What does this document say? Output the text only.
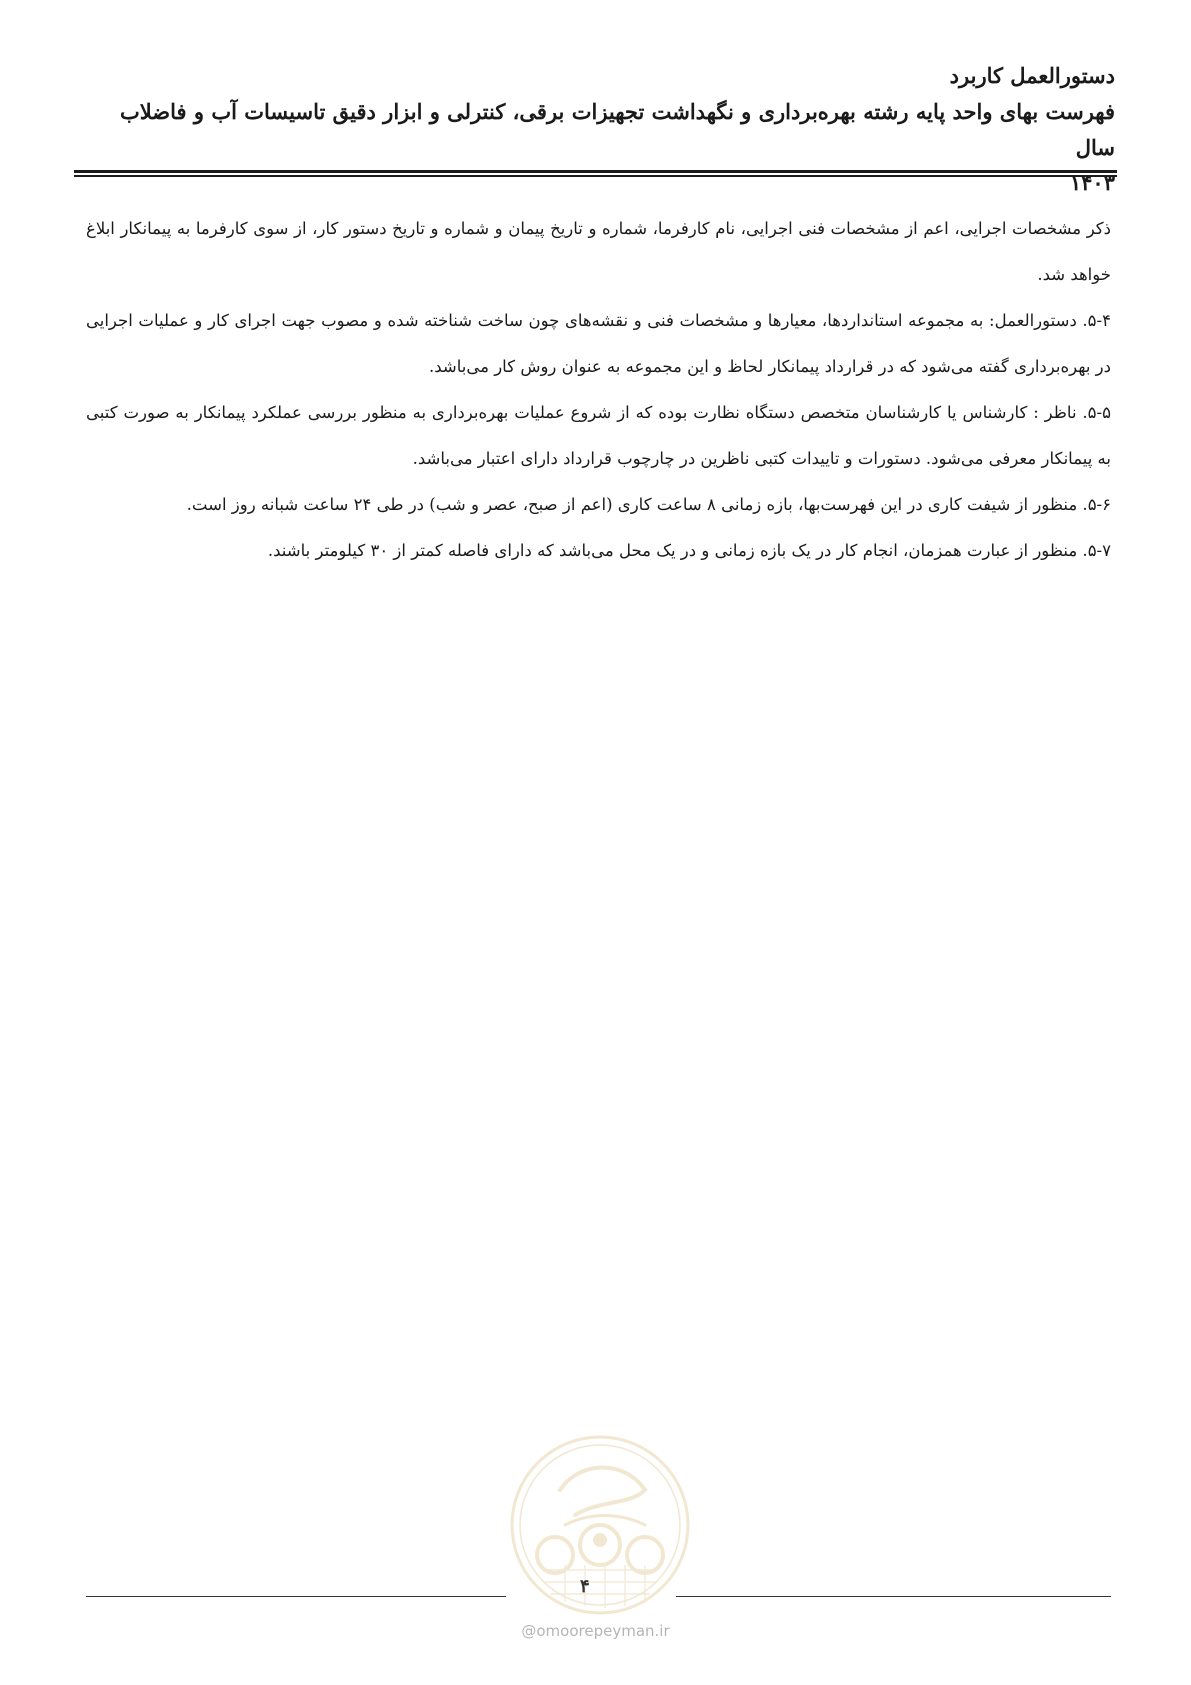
دستورالعمل کاربرد
فهرست بهای واحد پایه رشته بهره‌برداری و نگهداشت تجهیزات برقی، کنترلی و ابزار دقیق تاسیسات آب و فاضلاب سال
۱۴۰۳

ذکر مشخصات اجرایی، اعم از مشخصات فنی اجرایی، نام کارفرما، شماره و تاریخ پیمان و شماره و تاریخ دستور کار، از سوی کارفرما به پیمانکار ابلاغ خواهد شد.

۵-۴. دستورالعمل: به مجموعه استانداردها، معیارها و مشخصات فنی و نقشه‌های چون ساخت شناخته شده و مصوب جهت اجرای کار و عملیات اجرایی در بهره‌برداری گفته می‌شود که در قرارداد پیمانکار لحاظ و این مجموعه به عنوان روش کار می‌باشد.

۵-۵. ناظر : کارشناس یا کارشناسان متخصص دستگاه نظارت بوده که از شروع عملیات بهره‌برداری به منظور بررسی عملکرد پیمانکار به صورت کتبی به پیمانکار معرفی می‌شود. دستورات و تاییدات کتبی ناظرین در چارچوب قرارداد دارای اعتبار می‌باشد.

۵-۶. منظور از شیفت کاری در این فهرست‌بها، بازه زمانی ۸ ساعت کاری (اعم از صبح، عصر و شب) در طی ۲۴ ساعت شبانه روز است.

۵-۷. منظور از عبارت همزمان، انجام کار در یک بازه زمانی و در یک محل می‌باشد که دارای فاصله کمتر از ۳۰ کیلومتر باشند.

۴
@omoorepeyman.ir
